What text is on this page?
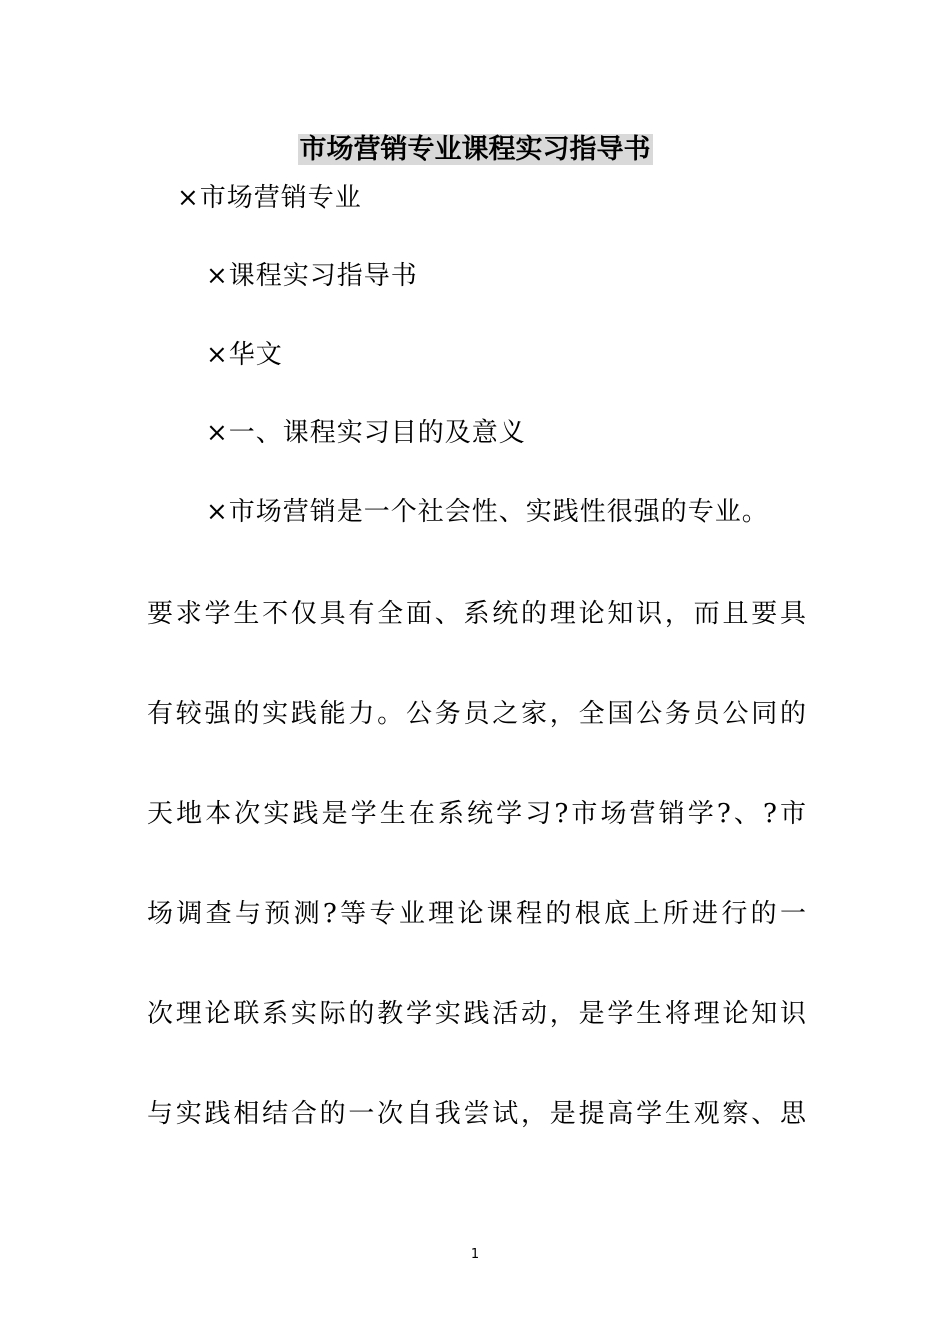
市场营销专业课程实习指导书
×市场营销专业
×课程实习指导书
×华文
×一、课程实习目的及意义
×市场营销是一个社会性、实践性很强的专业。
要求学生不仅具有全面、系统的理论知识，而且要具
有较强的实践能力。公务员之家，全国公务员公同的
天地本次实践是学生在系统学习?市场营销学?、?市
场调查与预测?等专业理论课程的根底上所进行的一
次理论联系实际的教学实践活动，是学生将理论知识
与实践相结合的一次自我尝试，是提高学生观察、思
1
